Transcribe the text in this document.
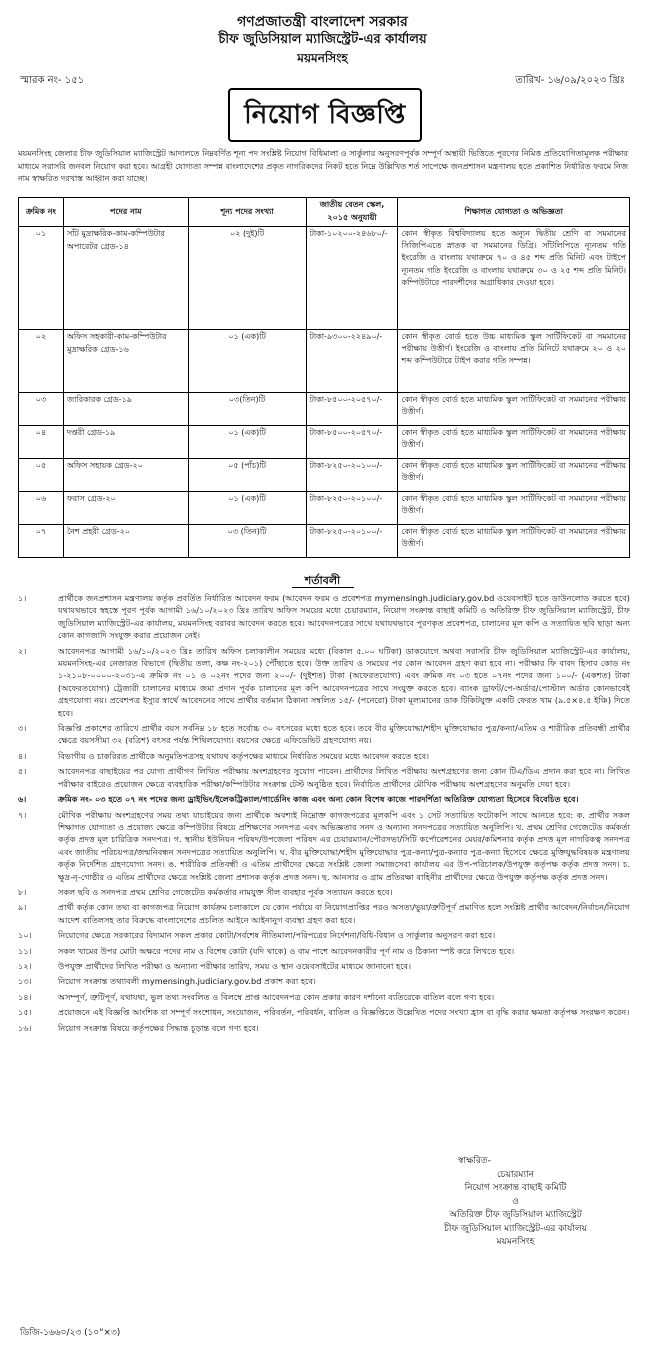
গণপ্রজাতন্ত্রী বাংলাদেশ সরকার
চীফ জুডিসিয়াল ম্যাজিস্ট্রেট-এর কার্যালয়
ময়মনসিংহ
স্মারক নং- ১৫১	তারিখ- ১৬/০৯/২০২৩ খ্রিঃ
নিয়োগ বিজ্ঞপ্তি
ময়মনসিংহ জেলার চীফ জুডিসিয়াল ম্যাজিস্ট্রেট আদালতে নিম্নবর্ণিত শূন্য পদ সংশ্লিষ্ট নিয়োগ বিধিমালা ও সার্কুলার অনুসরণপূর্বক সম্পূর্ণ অস্থায়ী ভিত্তিতে পূরণের নিমিত্ত প্রতিযোগিতামূলক পরীক্ষার মাধ্যমে সরাসরি জনবল নিয়োগ করা হবে। আগ্রহী যোগ্যতা সম্পন্ন বাংলাদেশের প্রকৃত নাগরিকদের নিকট হতে নিম্নে উল্লিখিত শর্ত সাপেক্ষে জনপ্রশাসন মন্ত্রণালয় হতে প্রকাশিত নির্ধারিত ফরমে নিজ নাম স্বাক্ষরিত দরখাস্ত আহ্বান করা যাচ্ছে।
ক্রমিক নং	পদের নাম	শূন্য পদের সংখ্যা	জাতীয় বেতন স্কেল, ২০১৫ অনুযায়ী	শিক্ষাগত যোগ্যতা ও অভিজ্ঞতা
০১	সাঁট মুদ্রাক্ষরিক-কাম-কম্পিউটার অপারেটর গ্রেড-১৪	০২ (দুই)টি	টাকা-১০২০০-২৪৬৮০/-	কোন স্বীকৃত বিশ্ববিদ্যালয় হতে অন্যূন দ্বিতীয় শ্রেণি বা সমমানের সিজিপিএতে স্নাতক বা সমমানের ডিগ্রি। সাঁটলিপিতে ন্যূনতম গতি ইংরেজি ও বাংলায় যথাক্রমে ৭০ ও ৪৫ শব্দ প্রতি মিনিট এবং টাইপে ন্যূনতম গতি ইংরেজি ও বাংলায় যথাক্রমে ৩০ ও ২৫ শব্দ প্রতি মিনিট। কম্পিউটারে পারদর্শীদের অগ্রাধিকার দেওয়া হবে।
০২	অফিস সহকারী-কাম-কম্পিউটার মুদ্রাক্ষরিক গ্রেড-১৬	০১ (এক)টি	টাকা-৯৩০০-২২৪৯০/-	কোন স্বীকৃত বোর্ড হতে উচ্চ মাধ্যমিক স্কুল সার্টিফিকেট বা সমমানের পরীক্ষায় উত্তীর্ণ। ইংরেজি ও বাংলায় প্রতি মিনিটে যথাক্রমে ২০ ও ২০ শব্দ কম্পিউটারে টাইপ করার গতি সম্পন্ন।
০৩	জারিকারক গ্রেড-১৯	০৩(তিন)টি	টাকা-৮৫০০-২০৫৭০/-	কোন স্বীকৃত বোর্ড হতে মাধ্যমিক স্কুল সার্টিফিকেট বা সমমানের পরীক্ষায় উত্তীর্ণ।
০৪	দপ্তরী গ্রেড-১৯	০১ (এক)টি	টাকা-৮৫০০-২০৫৭০/-	কোন স্বীকৃত বোর্ড হতে মাধ্যমিক স্কুল সার্টিফিকেট বা সমমানের পরীক্ষায় উত্তীর্ণ।
০৫	অফিস সহায়ক গ্রেড-২০	০৫ (পাঁচ)টি	টাকা-৮২৫০-২০১০০/-	কোন স্বীকৃত বোর্ড হতে মাধ্যমিক স্কুল সার্টিফিকেট বা সমমানের পরীক্ষায় উত্তীর্ণ।
০৬	ফরাস গ্রেড-২০	০১ (এক)টি	টাকা-৮২৫০-২০১০০/-	কোন স্বীকৃত বোর্ড হতে মাধ্যমিক স্কুল সার্টিফিকেট বা সমমানের পরীক্ষায় উত্তীর্ণ।
০৭	নৈশ প্রহরী গ্রেড-২০	০৩ (তিন)টি	টাকা-৮২৫০-২০১০০/-	কোন স্বীকৃত বোর্ড হতে মাধ্যমিক স্কুল সার্টিফিকেট বা সমমানের পরীক্ষায় উত্তীর্ণ।
শর্তাবলী
১।	প্রার্থীকে জনপ্রশাসন মন্ত্রণালয় কর্তৃক প্রবর্তিত নির্ধারিত আবেদন ফরম (আবেদন ফরম ও প্রবেশপত্র mymensingh.judiciary.gov.bd ওয়েবসাইট হতে ডাউনলোড করতে হবে) যথাযথভাবে স্বহস্তে পূরণ পূর্বক আগামী ১৬/১০/২০২৩ খ্রিঃ তারিখ অফিস সময়ের মধ্যে চেয়ারম্যান, নিয়োগ সংক্রান্ত বাছাই কমিটি ও অতিরিক্ত চীফ জুডিসিয়াল ম্যাজিস্ট্রেট, চীফ জুডিসিয়াল ম্যাজিস্ট্রেট-এর কার্যালয়, ময়মনসিংহ বরাবর আবেদন করতে হবে। আবেদনপত্রের সাথে যথাযথভাবে পূরণকৃত প্রবেশপত্র, চালানের মূল কপি ও সত্যায়িত ছবি ছাড়া অন্য কোন কাগজাদি সংযুক্ত করার প্রয়োজন নেই।
২।	আবেদনপত্র আগামী ১৬/১০/২০২৩ খ্রিঃ তারিখ অফিস চলাকালীন সময়ের মধ্যে (বিকাল ৫.০০ ঘটিকা) ডাকযোগে অথবা সরাসরি চীফ জুডিসিয়াল ম্যাজিস্ট্রেট-এর কার্যালয়, ময়মনসিংহ-এর নেজারত বিভাগে (দ্বিতীয় তলা, কক্ষ নং-২০১) পৌঁছাতে হবে। উক্ত তারিখ ও সময়ের পর কোন আবেদন গ্রহণ করা হবে না। পরীক্ষার ফি বাবদ হিসাব কোড নং ১-২১০৮-০০০০-২০৩১-এ ক্রমিক নং ০১ ও ০২নং পদের জন্য ২০০/- (দুইশত) টাকা (অফেরতযোগ্য) এবং ক্রমিক নং ০৩ হতে ০৭নং পদের জন্য ১০০/- (একশত) টাকা (অফেরতযোগ্য) ট্রেজারী চালানের মাধ্যমে জমা প্রদান পূর্বক চালানের মূল কপি আবেদনপত্রের সাথে সংযুক্ত করতে হবে। ব্যাংক ড্রাফট/পে-অর্ডার/পোস্টাল অর্ডার কোনভাবেই গ্রহণযোগ্য নয়। প্রবেশপত্র ইস্যুর স্বার্থে আবেদনের সাথে প্রার্থীর বর্তমান ঠিকানা সম্বলিত ১৫/- (পনেরো) টাকা মূল্যমানের ডাক টিকিটযুক্ত একটি ফেরত খাম (৯.৫×৪.৫ ইঞ্চি) দিতে হবে।
৩।	বিজ্ঞপ্তি প্রকাশের তারিখে প্রার্থীর বয়স সর্বনিম্ন ১৮ হতে সর্বোচ্চ ৩০ বৎসরের মধ্যে হতে হবে। তবে বীর মুক্তিযোদ্ধা/শহীদ মুক্তিযোদ্ধার পুত্র/কন্যা/এতিম ও শারীরিক প্রতিবন্ধী প্রার্থীর ক্ষেত্রে বয়সসীমা ৩২ (বত্রিশ) বৎসর পর্যন্ত শিথিলযোগ্য। বয়সের ক্ষেত্রে এফিডেভিট গ্রহণযোগ্য নয়।
৪।	বিভাগীয় ও চাকরিরত প্রার্থীকে অনুমতিপত্রসহ যথাযথ কর্তৃপক্ষের মাধ্যমে নির্ধারিত সময়ের মধ্যে আবেদন করতে হবে।
৫।	আবেদনপত্র বাছাইয়ের পর যোগ্য প্রার্থীগণ লিখিত পরীক্ষায় অংশগ্রহণের সুযোগ পাবেন। প্রার্থীদের লিখিত পরীক্ষায় অংশগ্রহণের জন্য কোন টিএ/ডিএ প্রদান করা হবে না। লিখিত পরীক্ষার বাইরেও প্রয়োজন ক্ষেত্রে ব্যবহারিক পরীক্ষা/কম্পিউটার সংক্রান্ত টেস্ট অনুষ্ঠিত হবে। নির্বাচিত প্রার্থীদের মৌখিক পরীক্ষায় অংশগ্রহণের অনুমতি দেয়া হবে।
৬।	ক্রমিক নং- ০৩ হতে ০৭ নং পদের জন্য ড্রাইভিং/ইলেকট্রিক্যাল/গার্ডেনিং কাজ এবং অন্য কোন বিশেষ কাজে পারদর্শিতা অতিরিক্ত যোগ্যতা হিসেবে বিবেচিত হবে।
৭।	মৌখিক পরীক্ষায় অংশগ্রহণের সময় তথ্য যাচাইয়ের জন্য প্রার্থীকে অবশ্যই নিম্নোক্ত কাগজপত্রের মূলকপি এবং ১ সেট সত্যায়িত ফটোকপি সাথে আনতে হবে: ক. প্রার্থীর সকল শিক্ষাগত যোগ্যতা ও প্রযোজ্য ক্ষেত্রে কম্পিউটার বিষয়ে প্রশিক্ষণের সনদপত্র এবং অভিজ্ঞতার সনদ ও অন্যান্য সনদপত্রের সত্যায়িত অনুলিপি। খ. প্রথম শ্রেণির গেজেটেড কর্মকর্তা কর্তৃক প্রদত্ত মূল চারিত্রিক সনদপত্র। গ. স্থানীয় ইউনিয়ন পরিষদ/উপজেলা পরিষদ এর চেয়ারম্যান/পৌরসভা/সিটি কর্পোরেশনের মেয়র/কমিশনার কর্তৃক প্রদত্ত মূল নাগরিকত্ব সনদপত্র এবং জাতীয় পরিচয়পত্র/জন্মনিবন্ধন সনদপত্রের সত্যায়িত অনুলিপি। ঘ. বীর মুক্তিযোদ্ধা/শহীদ মুক্তিযোদ্ধার পুত্র-কন্যা/পুত্র-কন্যার পুত্র-কন্যা হিসেবে ক্ষেত্রে মুক্তিযুদ্ধবিষয়ক মন্ত্রণালয় কর্তৃক নির্দেশিত গ্রহণযোগ্য সনদ। ঙ. শারীরিক প্রতিবন্ধী ও এতিম প্রার্থীদের ক্ষেত্রে সংশ্লিষ্ট জেলা সমাজসেবা কার্যালয় এর উপ-পরিচালক/উপযুক্ত কর্তৃপক্ষ কর্তৃক প্রদত্ত সনদ। চ. ক্ষুদ্র-নৃ-গোষ্ঠীর ও এতিম প্রার্থীদের ক্ষেত্রে সংশ্লিষ্ট জেলা প্রশাসক কর্তৃক প্রদত্ত সনদ। ছ. আনসার ও গ্রাম প্রতিরক্ষা বাহিনীর প্রার্থীদের ক্ষেত্রে উপযুক্ত কর্তৃপক্ষ কর্তৃক প্রদত্ত সনদ।
৮।	সকল ছবি ও সনদপত্র প্রথম শ্রেণির গেজেটেড কর্মকর্তার নামযুক্ত সীল ব্যবহার পূর্বক সত্যায়ন করতে হবে।
৯।	প্রার্থী কর্তৃক কোন তথ্য বা কাগজপত্র নিয়োগ কার্যক্রম চলাকালে যে কোন পর্যায়ে বা নিয়োগপ্রাপ্তির পরও অসত্য/ভুয়া/ত্রুটিপূর্ণ প্রমাণিত হলে সংশ্লিষ্ট প্রার্থীর আবেদন/নির্বাচন/নিয়োগ আদেশ বাতিলসহ তার বিরুদ্ধে বাংলাদেশের প্রচলিত আইনে আইনানুগ ব্যবস্থা গ্রহণ করা হবে।
১০।	নিয়োগের ক্ষেত্রে সরকারের বিদ্যমান সকল প্রকার কোটা/সর্বশেষ নীতিমালা/পরিপত্রের নির্দেশনা/বিধি-বিধান ও সার্কুলার অনুসরণ করা হবে।
১১।	সকল খামের উপর মোটা অক্ষরে পদের নাম ও বিশেষ কোটা (যদি থাকে) ও বাম পাশে আবেদনকারীর পূর্ণ নাম ও ঠিকানা স্পষ্ট করে লিখতে হবে।
১২।	উপযুক্ত প্রার্থীদের লিখিত পরীক্ষা ও অন্যান্য পরীক্ষার তারিখ, সময় ও স্থান ওয়েবসাইটের মাধ্যমে জানানো হবে।
১৩।	নিয়োগ সংক্রান্ত তথ্যাবলী mymensingh.judiciary.gov.bd প্রকাশ করা হবে।
১৪।	অসম্পূর্ণ, ত্রুটিপূর্ণ, যথাযথা, ভুল তথ্য সংবলিত ও বিলম্বে প্রাপ্ত আবেদনপত্র কোন প্রকার কারণ দর্শানো ব্যতিরেকে বাতিল বলে গণ্য হবে।
১৫।	প্রয়োজনে এই বিজ্ঞপ্তি আংশিক বা সম্পূর্ণ সংশোধন, সংযোজন, পরিবর্তন, পরিবর্ধন, বাতিল ও বিজ্ঞপ্তিতে উল্লেখিত পদের সংখ্যা হ্রাস বা বৃদ্ধি করার ক্ষমতা কর্তৃপক্ষ সংরক্ষণ করেন।
১৬।	নিয়োগ সংক্রান্ত বিষয়ে কর্তৃপক্ষের সিদ্ধান্ত চূড়ান্ত বলে গণ্য হবে।
স্বাক্ষরিত-
চেয়ারম্যান
নিয়োগ সংক্রান্ত বাছাই কমিটি
ও
অতিরিক্ত চীফ জুডিসিয়াল ম্যাজিস্ট্রেট
চীফ জুডিসিয়াল ম্যাজিস্ট্রেট-এর কার্যালয়
ময়মনসিংহ
ডিজি-১৬৬০/২৩ (১০"×৩)
